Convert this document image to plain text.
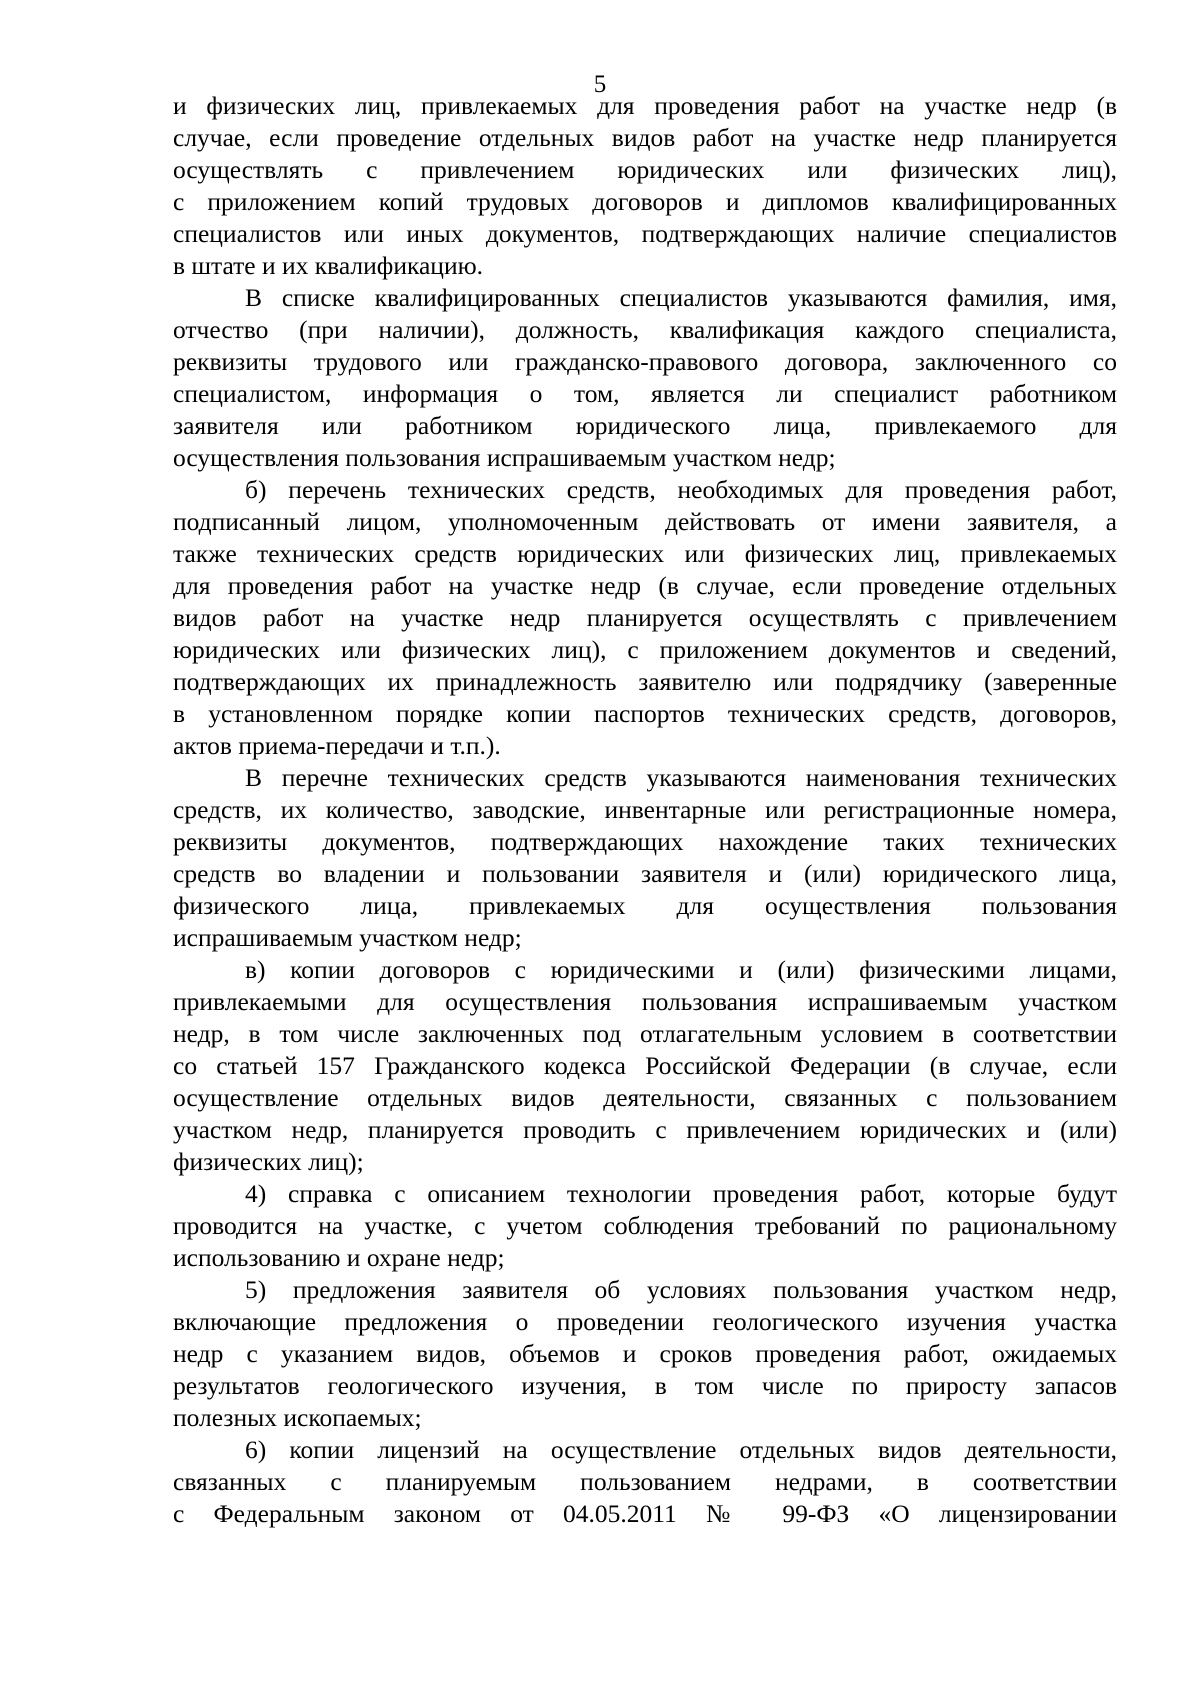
5
и физических лиц, привлекаемых для проведения работ на участке недр (в
случае, если проведение отдельных видов работ на участке недр планируется
осуществлять с привлечением юридических или физических лиц),
с приложением копий трудовых договоров и дипломов квалифицированных
специалистов или иных документов, подтверждающих наличие специалистов
в штате и их квалификацию.
В списке квалифицированных специалистов указываются фамилия, имя,
отчество (при наличии), должность, квалификация каждого специалиста,
реквизиты трудового или гражданско-правового договора, заключенного со
специалистом, информация о том, является ли специалист работником
заявителя или работником юридического лица, привлекаемого для
осуществления пользования испрашиваемым участком недр;
б) перечень технических средств, необходимых для проведения работ,
подписанный лицом, уполномоченным действовать от имени заявителя, а
также технических средств юридических или физических лиц, привлекаемых
для проведения работ на участке недр (в случае, если проведение отдельных
видов работ на участке недр планируется осуществлять с привлечением
юридических или физических лиц), с приложением документов и сведений,
подтверждающих их принадлежность заявителю или подрядчику (заверенные
в установленном порядке копии паспортов технических средств, договоров,
актов приема-передачи и т.п.).
В перечне технических средств указываются наименования технических
средств, их количество, заводские, инвентарные или регистрационные номера,
реквизиты документов, подтверждающих нахождение таких технических
средств во владении и пользовании заявителя и (или) юридического лица,
физического лица, привлекаемых для осуществления пользования
испрашиваемым участком недр;
в) копии договоров с юридическими и (или) физическими лицами,
привлекаемыми для осуществления пользования испрашиваемым участком
недр, в том числе заключенных под отлагательным условием в соответствии
со статьей 157 Гражданского кодекса Российской Федерации (в случае, если
осуществление отдельных видов деятельности, связанных с пользованием
участком недр, планируется проводить с привлечением юридических и (или)
физических лиц);
4) справка с описанием технологии проведения работ, которые будут
проводится на участке, с учетом соблюдения требований по рациональному
использованию и охране недр;
5) предложения заявителя об условиях пользования участком недр,
включающие предложения о проведении геологического изучения участка
недр с указанием видов, объемов и сроков проведения работ, ожидаемых
результатов геологического изучения, в том числе по приросту запасов
полезных ископаемых;
6) копии лицензий на осуществление отдельных видов деятельности,
связанных с планируемым пользованием недрами, в соответствии
с Федеральным законом от 04.05.2011 № 99-ФЗ «О лицензировании
